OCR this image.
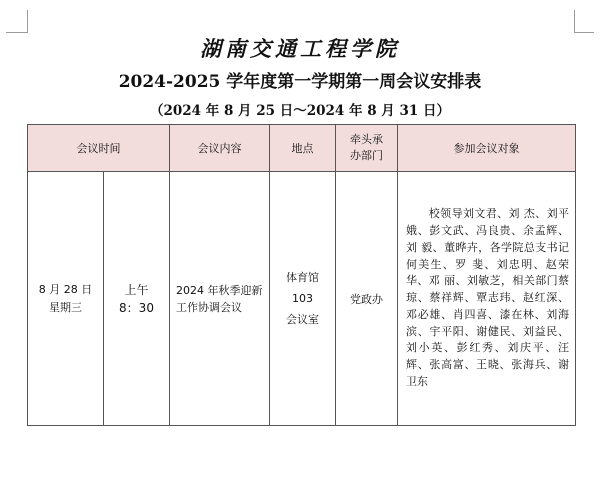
湖南交通工程学院
2024-2025 学年度第一学期第一周会议安排表
（2024 年 8 月 25 日～2024 年 8 月 31 日）
会议时间		会议内容	地点	牵头承
办部门	参加会议对象

8 月 28 日
星期三	上午
8：30	2024 年秋季迎新工作协调会议	体育馆
103
会议室	党政办	　　校领导刘文君、刘 杰、刘平娥、彭文武、冯良贵、余孟辉、刘 毅、董晔卉，各学院总支书记何美生、罗 斐、刘忠明、赵荣华、邓 丽、刘敏芝，相关部门蔡 琼、蔡祥辉、覃志玮、赵红深、邓必雄、肖四喜、漆在林、刘海滨、宇平阳、谢健民、刘益民、刘小英、彭红秀、刘庆平、汪 辉、张高富、王晓、张海兵、谢卫东
